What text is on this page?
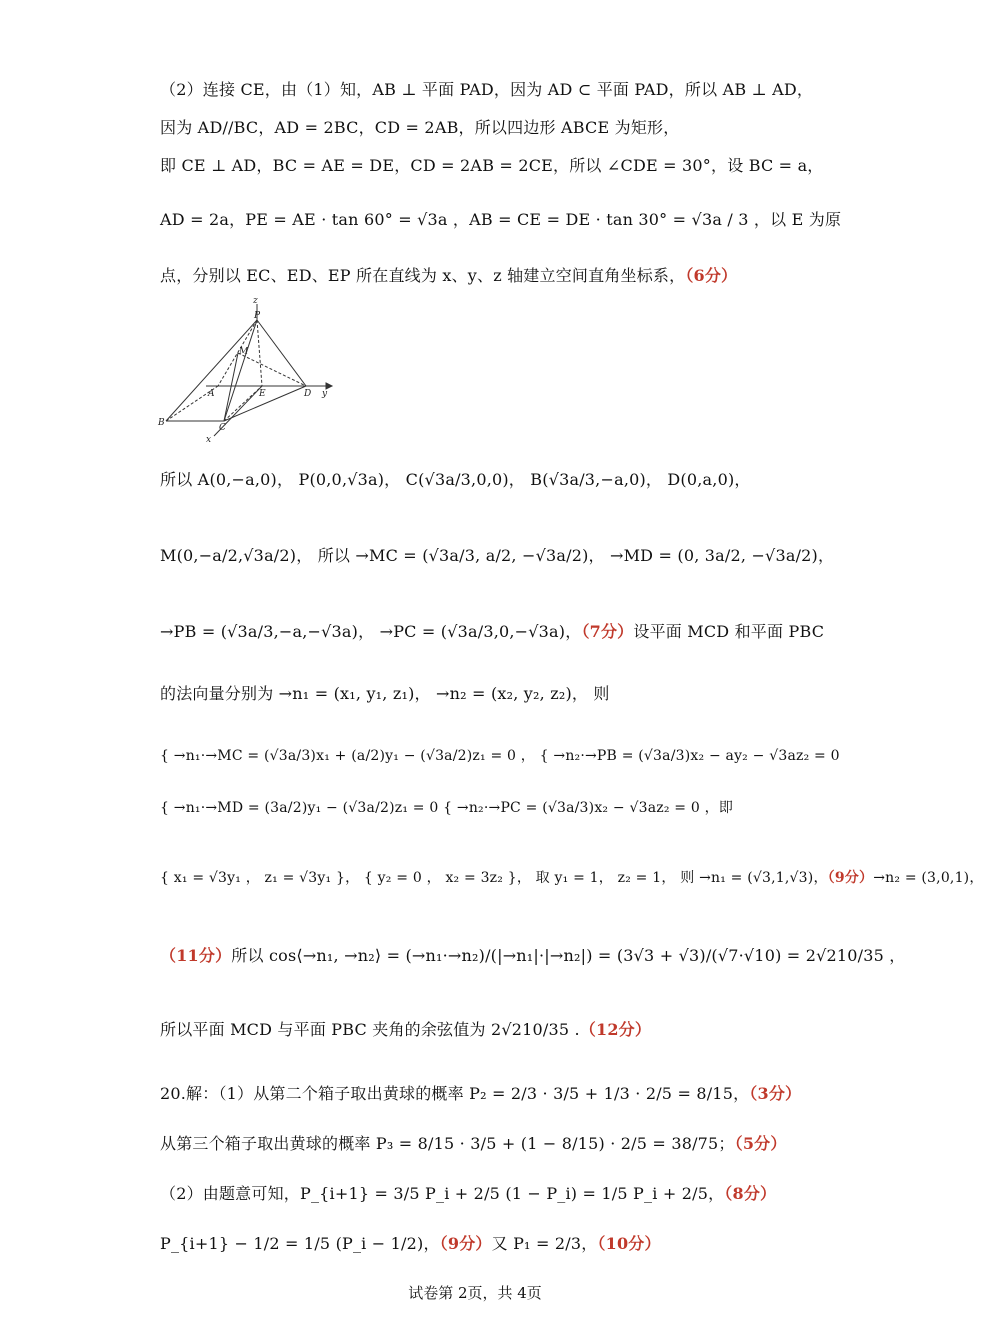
（2）连接 CE，由（1）知，AB ⊥ 平面 PAD，因为 AD ⊂ 平面 PAD，所以 AB ⊥ AD，
因为 AD//BC，AD = 2BC，CD = 2AB，所以四边形 ABCE 为矩形，
即 CE ⊥ AD，BC = AE = DE，CD = 2AB = 2CE，所以 ∠CDE = 30°，设 BC = a，
AD = 2a，PE = AE · tan 60° = √3a ，AB = CE = DE · tan 30° = √3a / 3 ，以 E 为原
点，分别以 EC、ED、EP 所在直线为 x、y、z 轴建立空间直角坐标系，（6分）
z
P
M
A	E	D y
B	C
x
所以 A(0,−a,0)， P(0,0,√3a)， C(√3a/3,0,0)， B(√3a/3,−a,0)， D(0,a,0)，
M(0,−a/2,√3a/2)， 所以 →MC = (√3a/3, a/2, −√3a/2)， →MD = (0, 3a/2, −√3a/2)，
→PB = (√3a/3,−a,−√3a)， →PC = (√3a/3,0,−√3a)，（7分）设平面 MCD 和平面 PBC
的法向量分别为 →n₁ = (x₁, y₁, z₁)， →n₂ = (x₂, y₂, z₂)， 则
{ →n₁·→MC = (√3a/3)x₁ + (a/2)y₁ − (√3a/2)z₁ = 0 ， { →n₂·→PB = (√3a/3)x₂ − ay₂ − √3az₂ = 0
{ →n₁·→MD = (3a/2)y₁ − (√3a/2)z₁ = 0 { →n₂·→PC = (√3a/3)x₂ − √3az₂ = 0 ，即
{ x₁ = √3y₁ ， z₁ = √3y₁ }， { y₂ = 0 ， x₂ = 3z₂ }， 取 y₁ = 1， z₂ = 1， 则 →n₁ = (√3,1,√3)，（9分）→n₂ = (3,0,1)，
（11分）所以 cos⟨→n₁, →n₂⟩ = (→n₁·→n₂)/(|→n₁|·|→n₂|) = (3√3 + √3)/(√7·√10) = 2√210/35 ，
所以平面 MCD 与平面 PBC 夹角的余弦值为 2√210/35 .（12分）
20.解：（1）从第二个箱子取出黄球的概率 P₂ = 2/3 · 3/5 + 1/3 · 2/5 = 8/15，（3分）
从第三个箱子取出黄球的概率 P₃ = 8/15 · 3/5 + (1 − 8/15) · 2/5 = 38/75；（5分）
（2）由题意可知，P_{i+1} = 3/5 P_i + 2/5 (1 − P_i) = 1/5 P_i + 2/5，（8分）
P_{i+1} − 1/2 = 1/5 (P_i − 1/2)，（9分）又 P₁ = 2/3，（10分）
试卷第 2页，共 4页
